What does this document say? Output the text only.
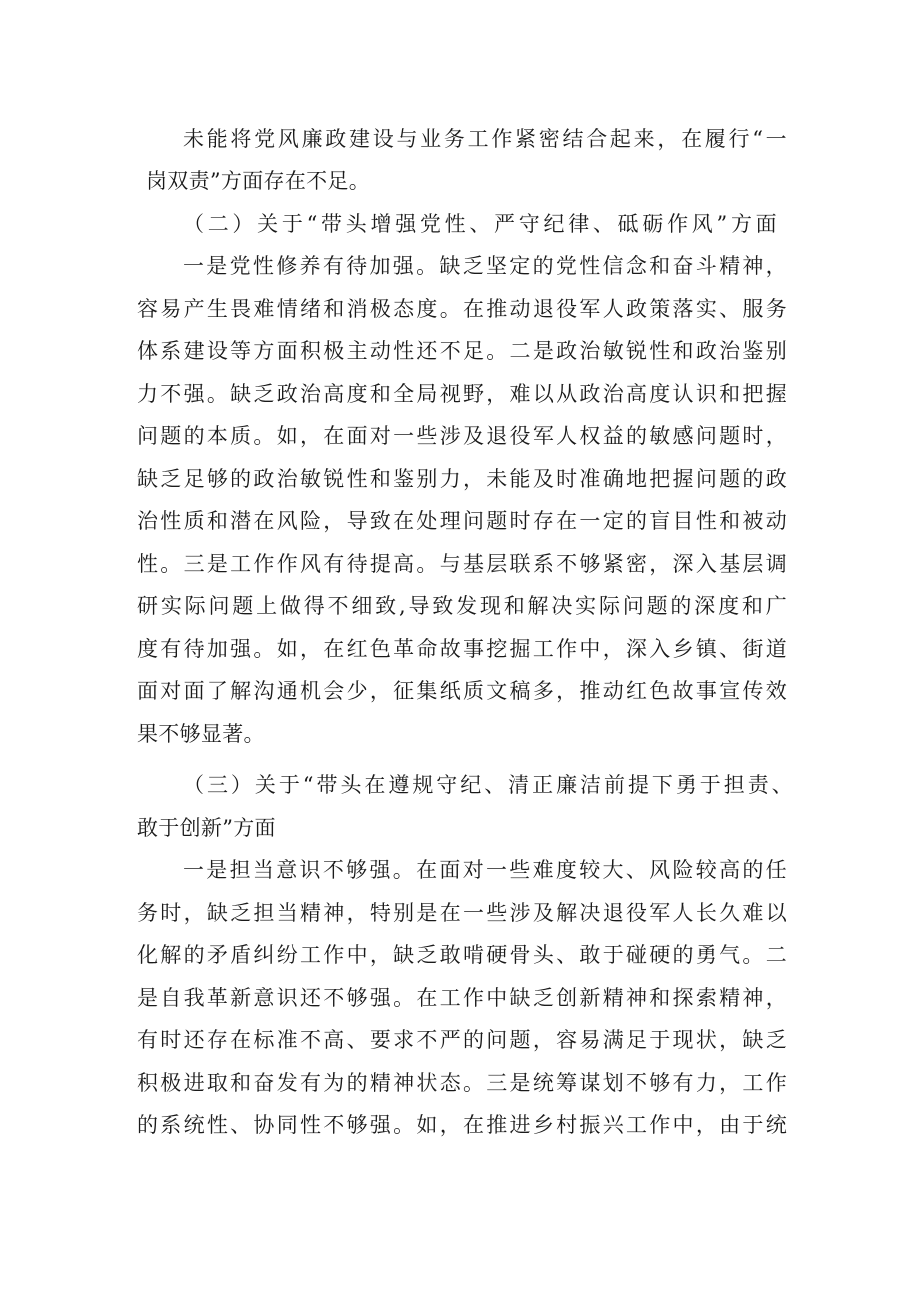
未能将党风廉政建设与业务工作紧密结合起来，在履行“一
岗双责”方面存在不足。
（二）关于“带头增强党性、严守纪律、砥砺作风”方面
一是党性修养有待加强。缺乏坚定的党性信念和奋斗精神，
容易产生畏难情绪和消极态度。在推动退役军人政策落实、服务
体系建设等方面积极主动性还不足。二是政治敏锐性和政治鉴别
力不强。缺乏政治高度和全局视野，难以从政治高度认识和把握
问题的本质。如，在面对一些涉及退役军人权益的敏感问题时，
缺乏足够的政治敏锐性和鉴别力，未能及时准确地把握问题的政
治性质和潜在风险，导致在处理问题时存在一定的盲目性和被动
性。三是工作作风有待提高。与基层联系不够紧密，深入基层调
研实际问题上做得不细致,导致发现和解决实际问题的深度和广
度有待加强。如，在红色革命故事挖掘工作中，深入乡镇、街道
面对面了解沟通机会少，征集纸质文稿多，推动红色故事宣传效
果不够显著。
（三）关于“带头在遵规守纪、清正廉洁前提下勇于担责、
敢于创新”方面
一是担当意识不够强。在面对一些难度较大、风险较高的任
务时，缺乏担当精神，特别是在一些涉及解决退役军人长久难以
化解的矛盾纠纷工作中，缺乏敢啃硬骨头、敢于碰硬的勇气。二
是自我革新意识还不够强。在工作中缺乏创新精神和探索精神，
有时还存在标准不高、要求不严的问题，容易满足于现状，缺乏
积极进取和奋发有为的精神状态。三是统筹谋划不够有力，工作
的系统性、协同性不够强。如，在推进乡村振兴工作中，由于统
